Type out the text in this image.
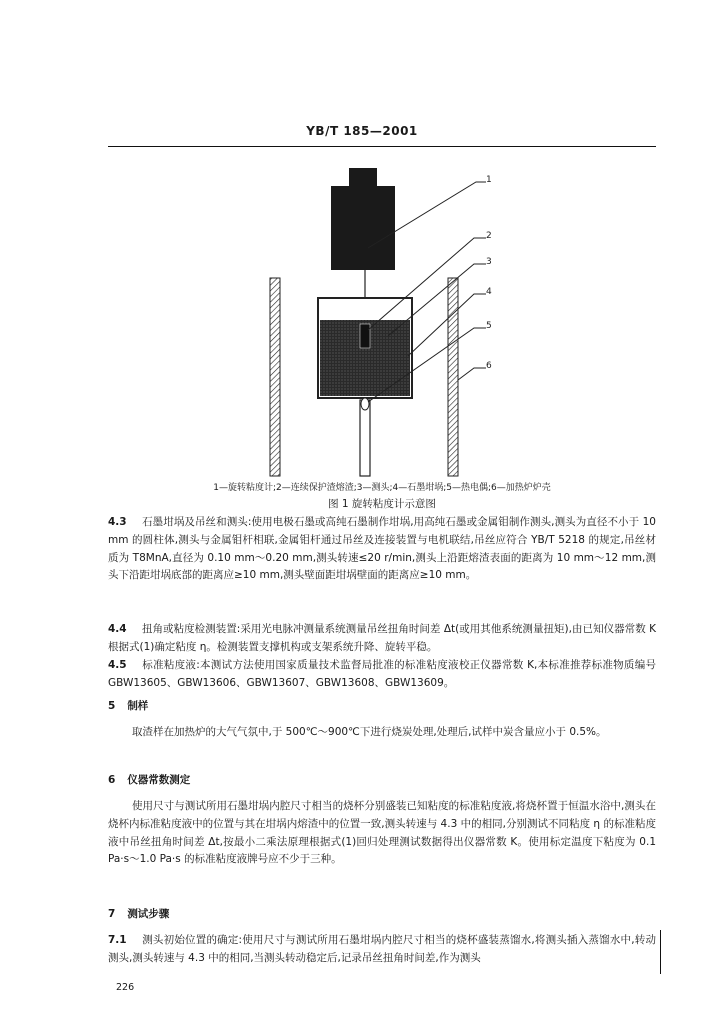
YB/T 185—2001
1
2
3
4
5
6
1—旋转粘度计;2—连续保护渣熔渣;3—测头;4—石墨坩埚;5—热电偶;6—加热炉炉壳
图 1 旋转粘度计示意图
4.3 石墨坩埚及吊丝和测头:使用电极石墨或高纯石墨制作坩埚,用高纯石墨或金属钼制作测头,测头为直径不小于 10 mm 的圆柱体,测头与金属钼杆相联,金属钼杆通过吊丝及连接装置与电机联结,吊丝应符合 YB/T 5218 的规定,吊丝材质为 T8MnA,直径为 0.10 mm～0.20 mm,测头转速≤20 r/min,测头上沿距熔渣表面的距离为 10 mm～12 mm,测头下沿距坩埚底部的距离应≥10 mm,测头壁面距坩埚壁面的距离应≥10 mm。
4.4 扭角或粘度检测装置:采用光电脉冲测量系统测量吊丝扭角时间差 Δt(或用其他系统测量扭矩),由已知仪器常数 K 根据式(1)确定粘度 η。检测装置支撑机构或支架系统升降、旋转平稳。
4.5 标准粘度液:本测试方法使用国家质量技术监督局批准的标准粘度液校正仪器常数 K,本标准推荐标准物质编号 GBW13605、GBW13606、GBW13607、GBW13608、GBW13609。
5 制样
取渣样在加热炉的大气气氛中,于 500℃～900℃下进行烧炭处理,处理后,试样中炭含量应小于 0.5%。
6 仪器常数测定
使用尺寸与测试所用石墨坩埚内腔尺寸相当的烧杯分别盛装已知粘度的标准粘度液,将烧杯置于恒温水浴中,测头在烧杯内标准粘度液中的位置与其在坩埚内熔渣中的位置一致,测头转速与 4.3 中的相同,分别测试不同粘度 η 的标准粘度液中吊丝扭角时间差 Δt,按最小二乘法原理根据式(1)回归处理测试数据得出仪器常数 K。使用标定温度下粘度为 0.1 Pa·s～1.0 Pa·s 的标准粘度液牌号应不少于三种。
7 测试步骤
7.1 测头初始位置的确定:使用尺寸与测试所用石墨坩埚内腔尺寸相当的烧杯盛装蒸馏水,将测头插入蒸馏水中,转动测头,测头转速与 4.3 中的相同,当测头转动稳定后,记录吊丝扭角时间差,作为测头
226
